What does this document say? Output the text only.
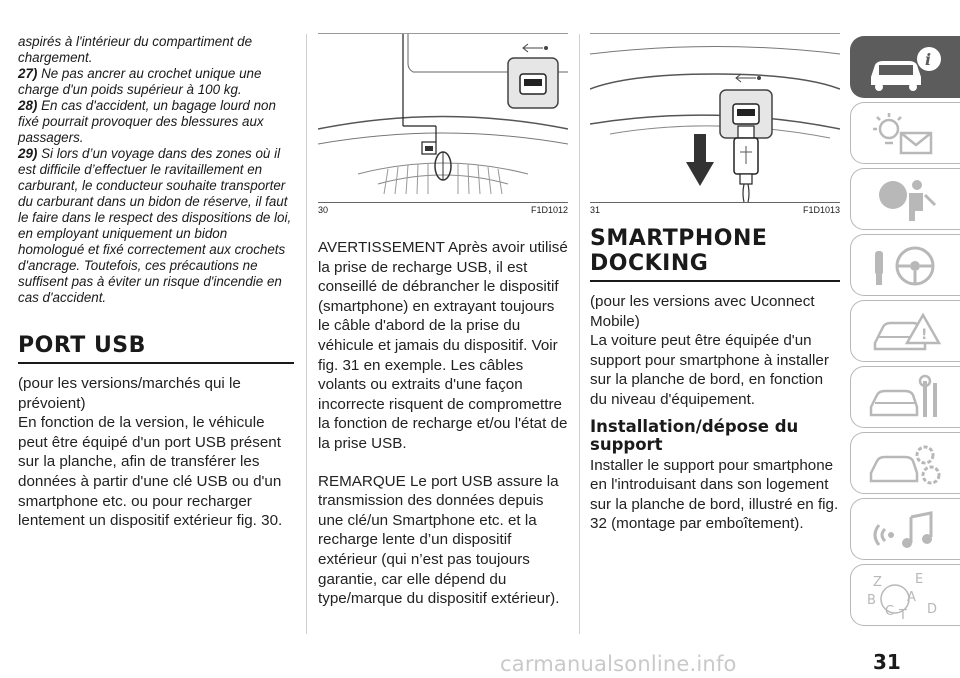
aspirés à l'intérieur du compartiment de chargement.

27) Ne pas ancrer au crochet unique une charge d'un poids supérieur à 100 kg.

28) En cas d'accident, un bagage lourd non fixé pourrait provoquer des blessures aux passagers.

29) Si lors d’un voyage dans des zones où il est difficile d’effectuer le ravitaillement en carburant, le conducteur souhaite transporter du carburant dans un bidon de réserve, il faut le faire dans le respect des dispositions de loi, en employant uniquement un bidon homologué et fixé correctement aux crochets d'ancrage. Toutefois, ces précautions ne suffisent pas à éviter un risque d'incendie en cas d'accident.

PORT USB

(pour les versions/marchés qui le prévoient)

En fonction de la version, le véhicule peut être équipé d'un port USB présent sur la planche, afin de transférer les données à partir d'une clé USB ou d'un smartphone etc. ou pour recharger lentement un dispositif extérieur fig. 30.

30	F1D1012

AVERTISSEMENT Après avoir utilisé la prise de recharge USB, il est conseillé de débrancher le dispositif (smartphone) en extrayant toujours le câble d'abord de la prise du véhicule et jamais du dispositif. Voir fig. 31 en exemple. Les câbles volants ou extraits d'une façon incorrecte risquent de compromettre la fonction de recharge et/ou l'état de la prise USB.

REMARQUE Le port USB assure la transmission des données depuis une clé/un Smartphone etc. et la recharge lente d’un dispositif extérieur (qui n’est pas toujours garantie, car elle dépend du type/marque du dispositif extérieur).

31	F1D1013
SMARTPHONE
DOCKING

(pour les versions avec Uconnect Mobile)

La voiture peut être équipée d'un support pour smartphone à installer sur la planche de bord, en fonction du niveau d'équipement.

Installation/dépose du support

Installer le support pour smartphone en l'introduisant dans son logement sur la planche de bord, illustré en fig. 32 (montage par emboîtement).

i
!
Z	E
B A
C T D
carmanualsonline.info	31
